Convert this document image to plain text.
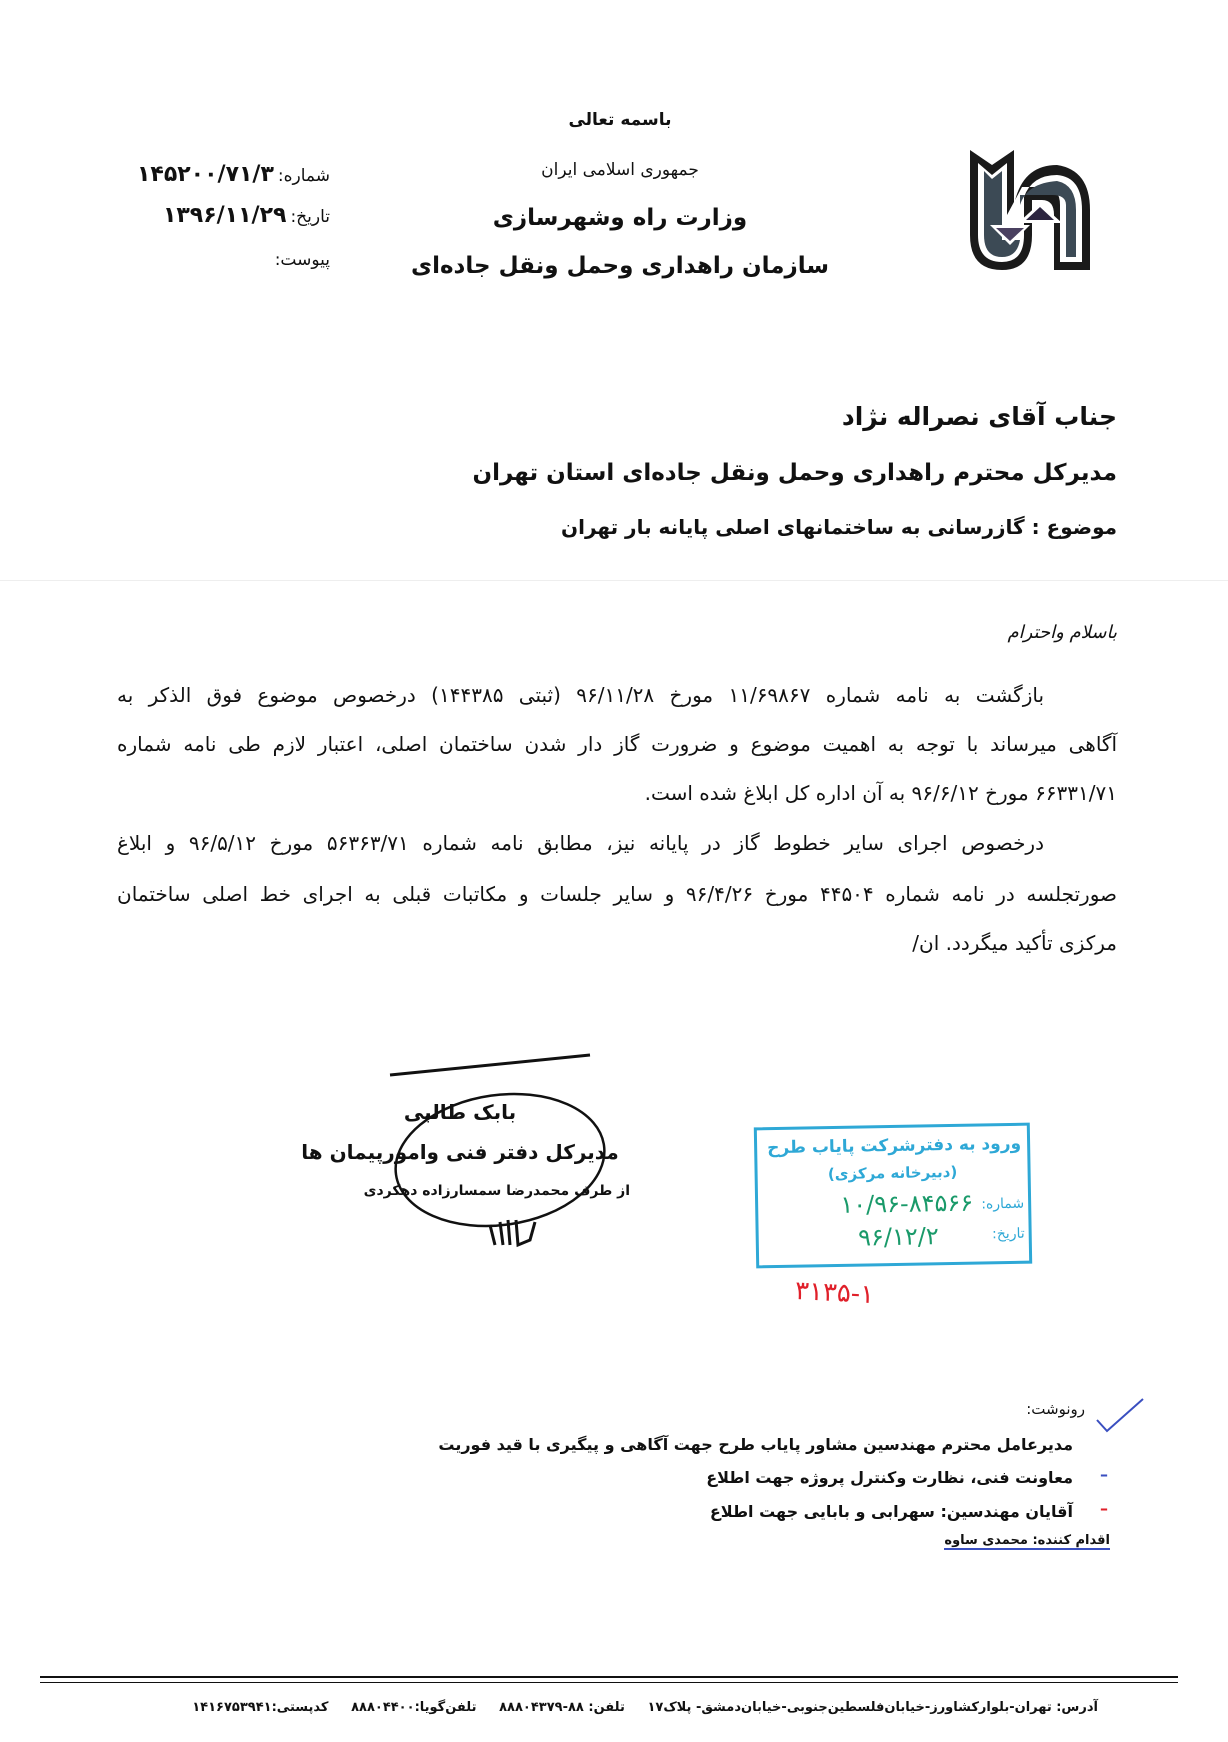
باسمه تعالی
جمهوری اسلامی ایران
وزارت راه وشهرسازی
سازمان راهداری وحمل ونقل جاده‌ای
شماره:۱۴۵۲۰۰/۷۱/۳
تاریخ:۱۳۹۶/۱۱/۲۹
پیوست:
جناب آقای نصراله نژاد
مدیرکل محترم راهداری وحمل ونقل جاده‌ای استان تهران
موضوع : گازرسانی به ساختمانهای اصلی پایانه بار تهران
باسلام واحترام
بازگشت به نامه شماره ۱۱/۶۹۸۶۷ مورخ ۹۶/۱۱/۲۸ (ثبتی ۱۴۴۳۸۵) درخصوص موضوع فوق الذکر به
آگاهی میرساند با توجه به اهمیت موضوع و ضرورت گاز دار شدن ساختمان اصلی، اعتبار لازم طی نامه شماره
۶۶۳۳۱/۷۱ مورخ ۹۶/۶/۱۲ به آن اداره کل ابلاغ شده است.
درخصوص اجرای سایر خطوط گاز در پایانه نیز، مطابق نامه شماره ۵۶۳۶۳/۷۱ مورخ ۹۶/۵/۱۲ و ابلاغ
صورتجلسه در نامه شماره ۴۴۵۰۴ مورخ ۹۶/۴/۲۶ و سایر جلسات و مکاتبات قبلی به اجرای خط اصلی ساختمان
مرکزی تأکید میگردد. ا‌ن/
بابک طالبی
مدیرکل دفتر فنی وامورپیمان ها
از طرف محمدرضا سمسارزاده دهکردی
ورود به دفترشرکت پایاب طرح
(دبیرخانه مرکزی)
شماره:
۱۰/۹۶-۸۴۵۶۶
تاریخ:
۹۶/۱۲/۲
۳۱۳۵-۱
رونوشت:
مدیرعامل محترم مهندسین مشاور پایاب طرح جهت آگاهی و پیگیری با قید فوریت
–
معاونت فنی، نظارت وکنترل پروژه جهت اطلاع
–
آقایان مهندسین: سهرابی و بابایی جهت اطلاع
اقدام کننده: محمدی ساوه
آدرس: تهران-بلوارکشاورز-خیابان‌فلسطین‌جنوبی-خیابان‌دمشق- پلاک۱۷     تلفن: ۸۸-۸۸۸۰۴۳۷۹     تلفن‌گویا:۸۸۸۰۴۴۰۰     کدپستی:۱۴۱۶۷۵۳۹۴۱
